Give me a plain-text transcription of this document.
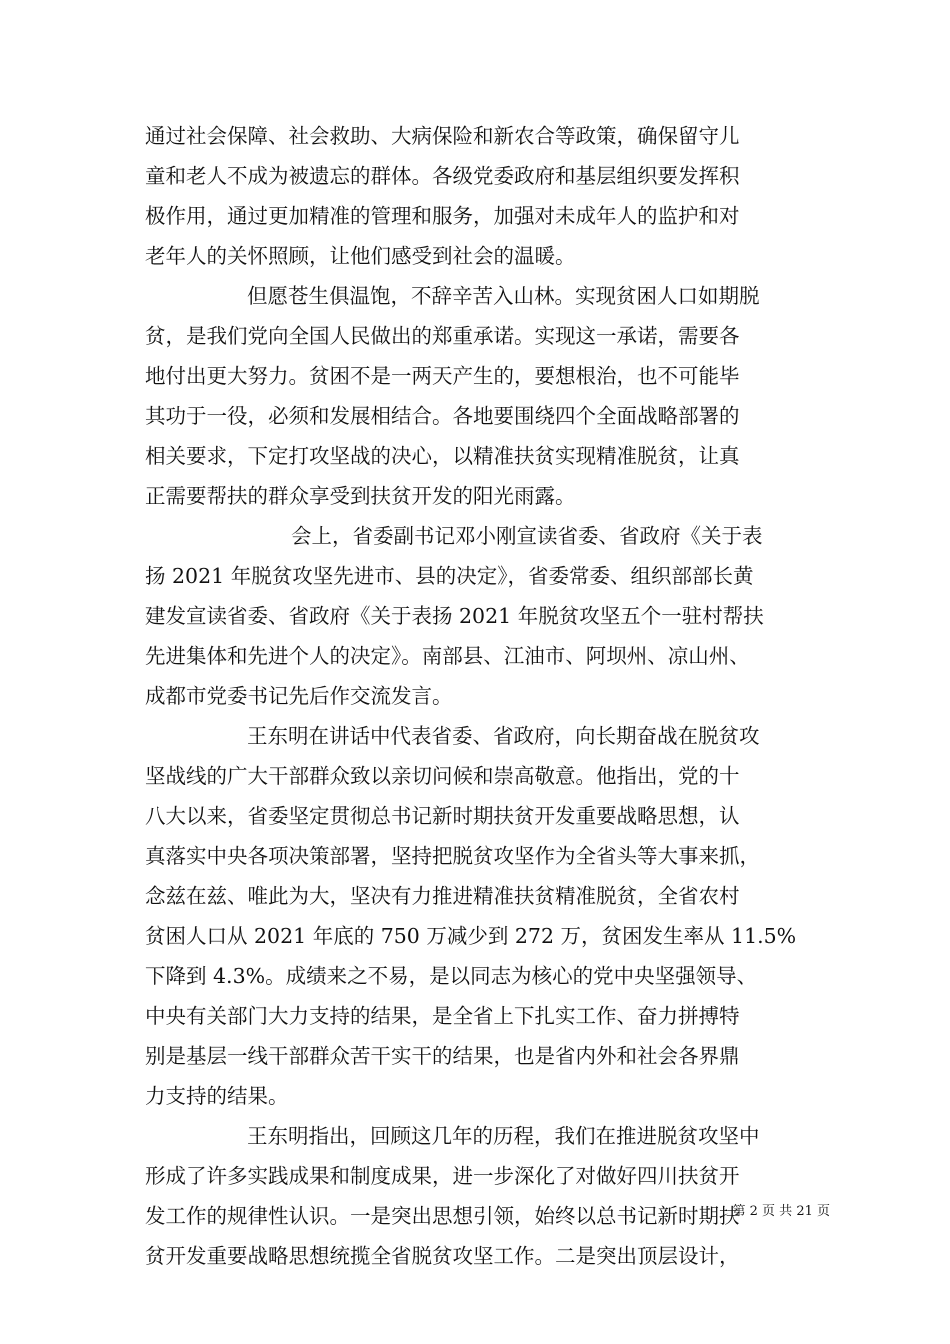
通过社会保障、社会救助、大病保险和新农合等政策，确保留守儿
童和老人不成为被遗忘的群体。各级党委政府和基层组织要发挥积
极作用，通过更加精准的管理和服务，加强对未成年人的监护和对
老年人的关怀照顾，让他们感受到社会的温暖。
但愿苍生俱温饱，不辞辛苦入山林。实现贫困人口如期脱
贫，是我们党向全国人民做出的郑重承诺。实现这一承诺，需要各
地付出更大努力。贫困不是一两天产生的，要想根治，也不可能毕
其功于一役，必须和发展相结合。各地要围绕四个全面战略部署的
相关要求，下定打攻坚战的决心，以精准扶贫实现精准脱贫，让真
正需要帮扶的群众享受到扶贫开发的阳光雨露。
会上，省委副书记邓小刚宣读省委、省政府《关于表
扬 2021 年脱贫攻坚先进市、县的决定》，省委常委、组织部部长黄
建发宣读省委、省政府《关于表扬 2021 年脱贫攻坚五个一驻村帮扶
先进集体和先进个人的决定》。南部县、江油市、阿坝州、凉山州、
成都市党委书记先后作交流发言。
王东明在讲话中代表省委、省政府，向长期奋战在脱贫攻
坚战线的广大干部群众致以亲切问候和崇高敬意。他指出，党的十
八大以来，省委坚定贯彻总书记新时期扶贫开发重要战略思想，认
真落实中央各项决策部署，坚持把脱贫攻坚作为全省头等大事来抓，
念兹在兹、唯此为大，坚决有力推进精准扶贫精准脱贫，全省农村
贫困人口从 2021 年底的 750 万减少到 272 万，贫困发生率从 11.5%
下降到 4.3%。成绩来之不易，是以同志为核心的党中央坚强领导、
中央有关部门大力支持的结果，是全省上下扎实工作、奋力拼搏特
别是基层一线干部群众苦干实干的结果，也是省内外和社会各界鼎
力支持的结果。
王东明指出，回顾这几年的历程，我们在推进脱贫攻坚中
形成了许多实践成果和制度成果，进一步深化了对做好四川扶贫开
发工作的规律性认识。一是突出思想引领，始终以总书记新时期扶
贫开发重要战略思想统揽全省脱贫攻坚工作。二是突出顶层设计，
第 2 页 共 21 页
